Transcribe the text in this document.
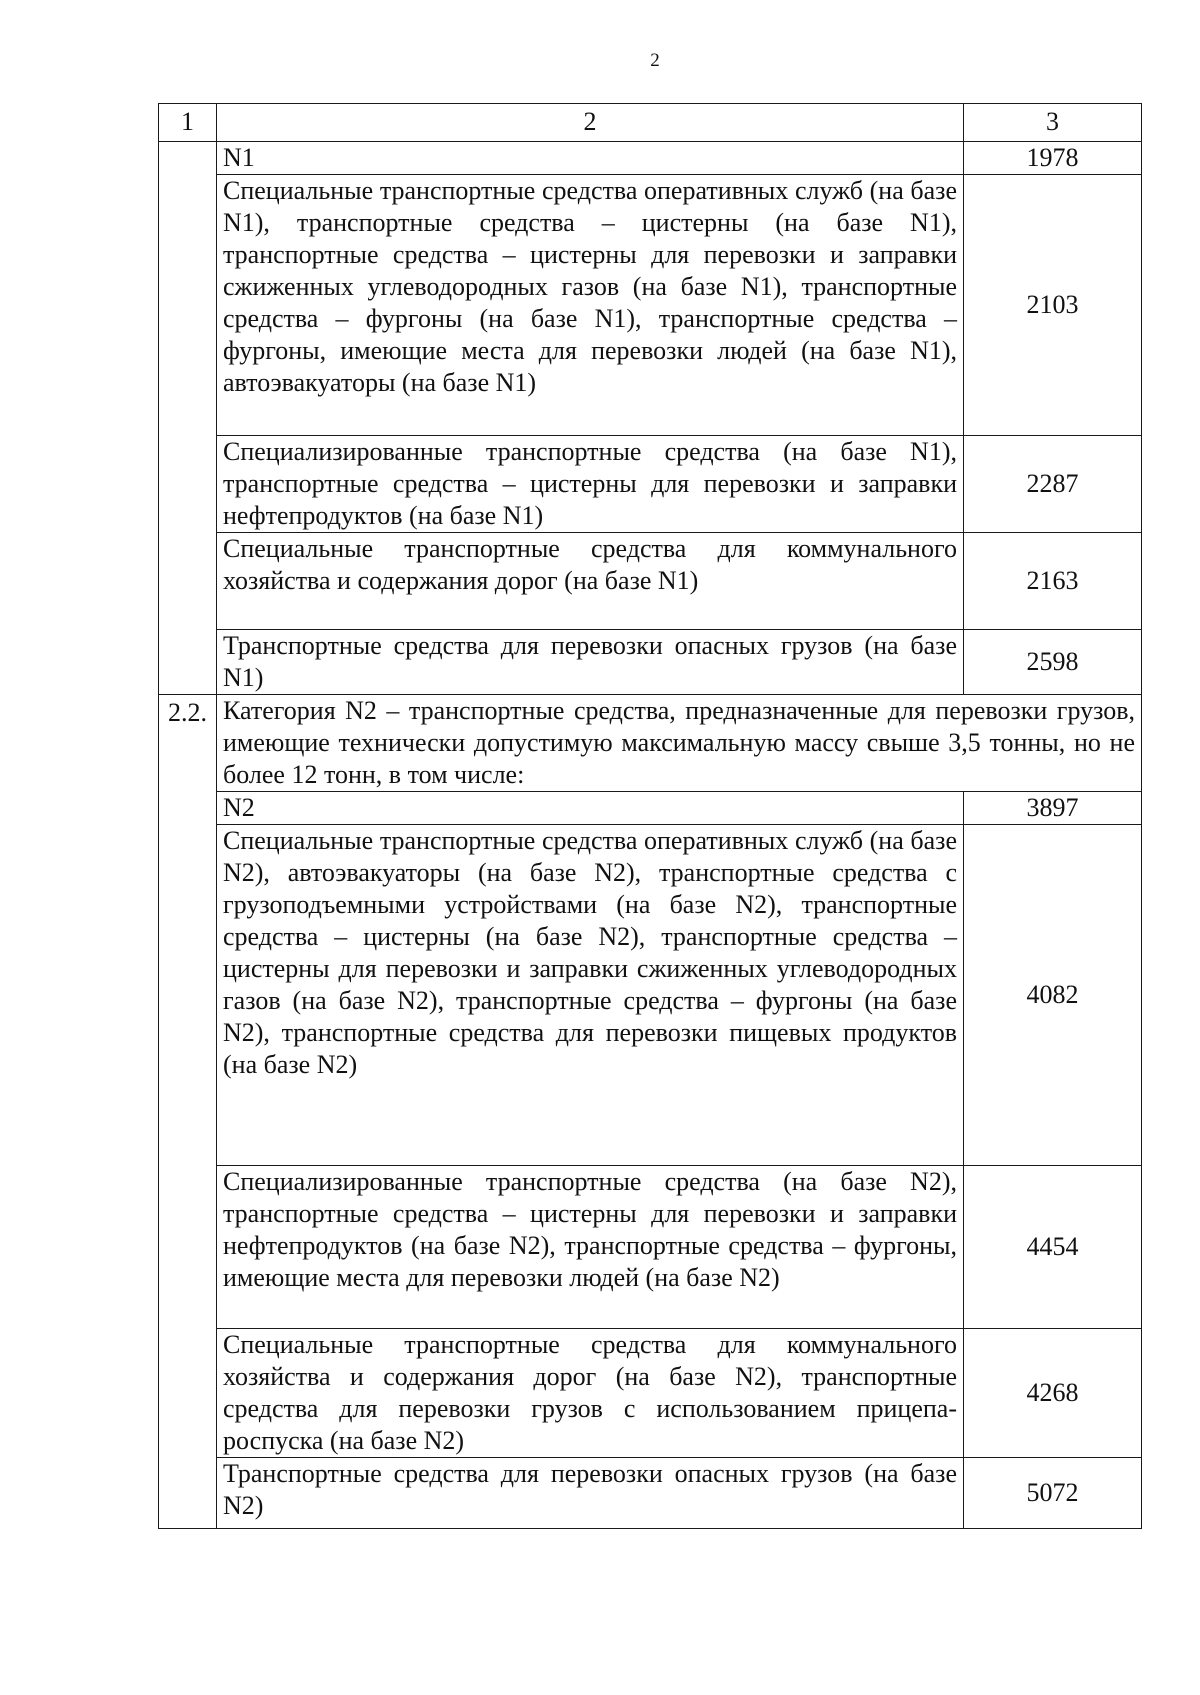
2
1	2	3
	N1	1978
	Специальные транспортные средства оперативных служб (на базе N1), транспортные средства – цистерны (на базе N1), транспортные средства – цистерны для перевозки и заправки сжиженных углеводородных газов (на базе N1), транспортные средства – фургоны (на базе N1), транспортные средства – фургоны, имеющие места для перевозки людей (на базе N1), автоэвакуаторы (на базе N1)	2103
	Специализированные транспортные средства (на базе N1), транспортные средства – цистерны для перевозки и заправки нефтепродуктов (на базе N1)	2287
	Специальные транспортные средства для коммунального хозяйства и содержания дорог (на базе N1)	2163
	Транспортные средства для перевозки опасных грузов (на базе N1)	2598
2.2.	Категория N2 – транспортные средства, предназначенные для перевозки грузов, имеющие технически допустимую максимальную массу свыше 3,5 тонны, но не более 12 тонн, в том числе:	
	N2	3897
	Специальные транспортные средства оперативных служб (на базе N2), автоэвакуаторы (на базе N2), транспортные средства с грузоподъемными устройствами (на базе N2), транспортные средства – цистерны (на базе N2), транспортные средства – цистерны для перевозки и заправки сжиженных углеводородных газов (на базе N2), транспортные средства – фургоны (на базе N2), транспортные средства для перевозки пищевых продуктов (на базе N2)	4082
	Специализированные транспортные средства (на базе N2), транспортные средства – цистерны для перевозки и заправки нефтепродуктов (на базе N2), транспортные средства – фургоны, имеющие места для перевозки людей (на базе N2)	4454
	Специальные транспортные средства для коммунального хозяйства и содержания дорог (на базе N2), транспортные средства для перевозки грузов с использованием прицепа-роспуска (на базе N2)	4268
	Транспортные средства для перевозки опасных грузов (на базе N2)	5072
